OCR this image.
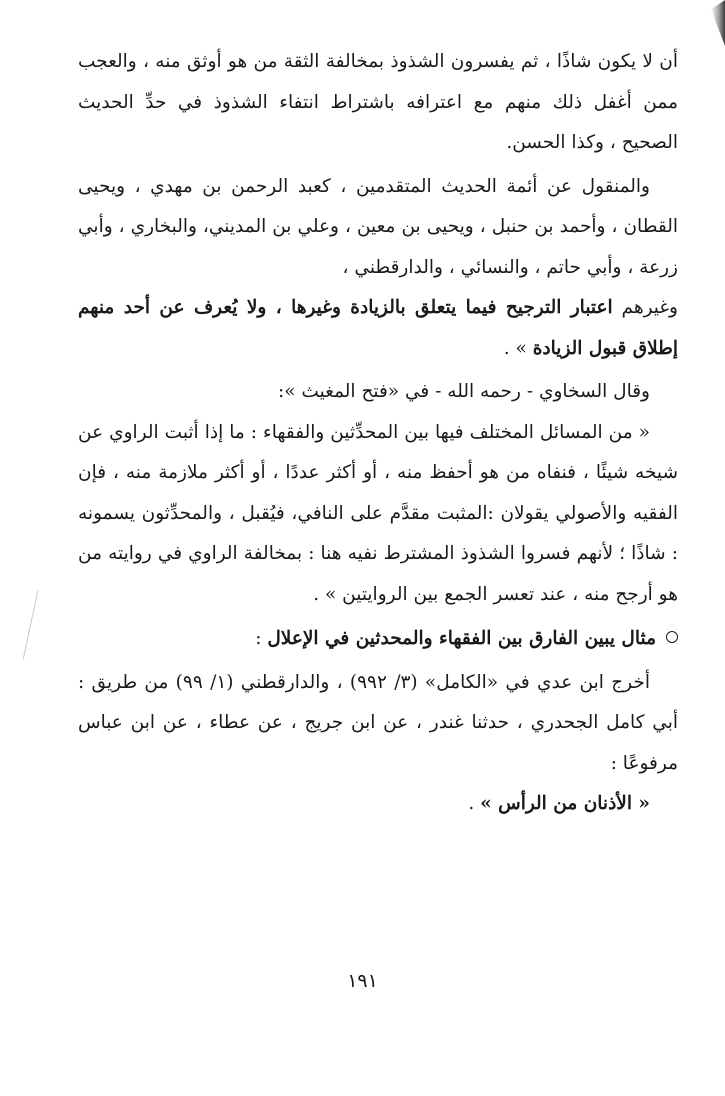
أن لا يكون شاذًا ، ثم يفسرون الشذوذ بمخالفة الثقة من هو أوثق منه ، والعجب ممن أغفل ذلك منهم مع اعترافه باشتراط انتفاء الشذوذ في حدِّ الحديث الصحيح ، وكذا الحسن.

والمنقول عن أئمة الحديث المتقدمين ، كعبد الرحمن بن مهدي ، ويحيى القطان ، وأحمد بن حنبل ، ويحيى بن معين ، وعلي بن المديني، والبخاري ، وأبي زرعة ، وأبي حاتم ، والنسائي ، والدارقطني ،

وغيرهم اعتبار الترجيح فيما يتعلق بالزيادة وغيرها ، ولا يُعرف عن أحد منهم إطلاق قبول الزيادة » .

وقال السخاوي - رحمه الله - في «فتح المغيث »:

« من المسائل المختلف فيها بين المحدِّثين والفقهاء : ما إذا أثبت الراوي عن شيخه شيئًا ، فنفاه من هو أحفظ منه ، أو أكثر عددًا ، أو أكثر ملازمة منه ، فإن الفقيه والأصولي يقولان :المثبت مقدَّم على النافي، فيُقبل ، والمحدِّثون يسمونه : شاذًا ؛ لأنهم فسروا الشذوذ المشترط نفيه هنا : بمخالفة الراوي في روايته من هو أرجح منه ، عند تعسر الجمع بين الروايتين » .

مثال يبين الفارق بين الفقهاء والمحدثين في الإعلال :

أخرج ابن عدي في «الكامل» (٣/ ٩٩٢) ، والدارقطني (١/ ٩٩) من طريق : أبي كامل الجحدري ، حدثنا غندر ، عن ابن جريج ، عن عطاء ، عن ابن عباس مرفوعًا :

« الأذنان من الرأس » .

١٩١
